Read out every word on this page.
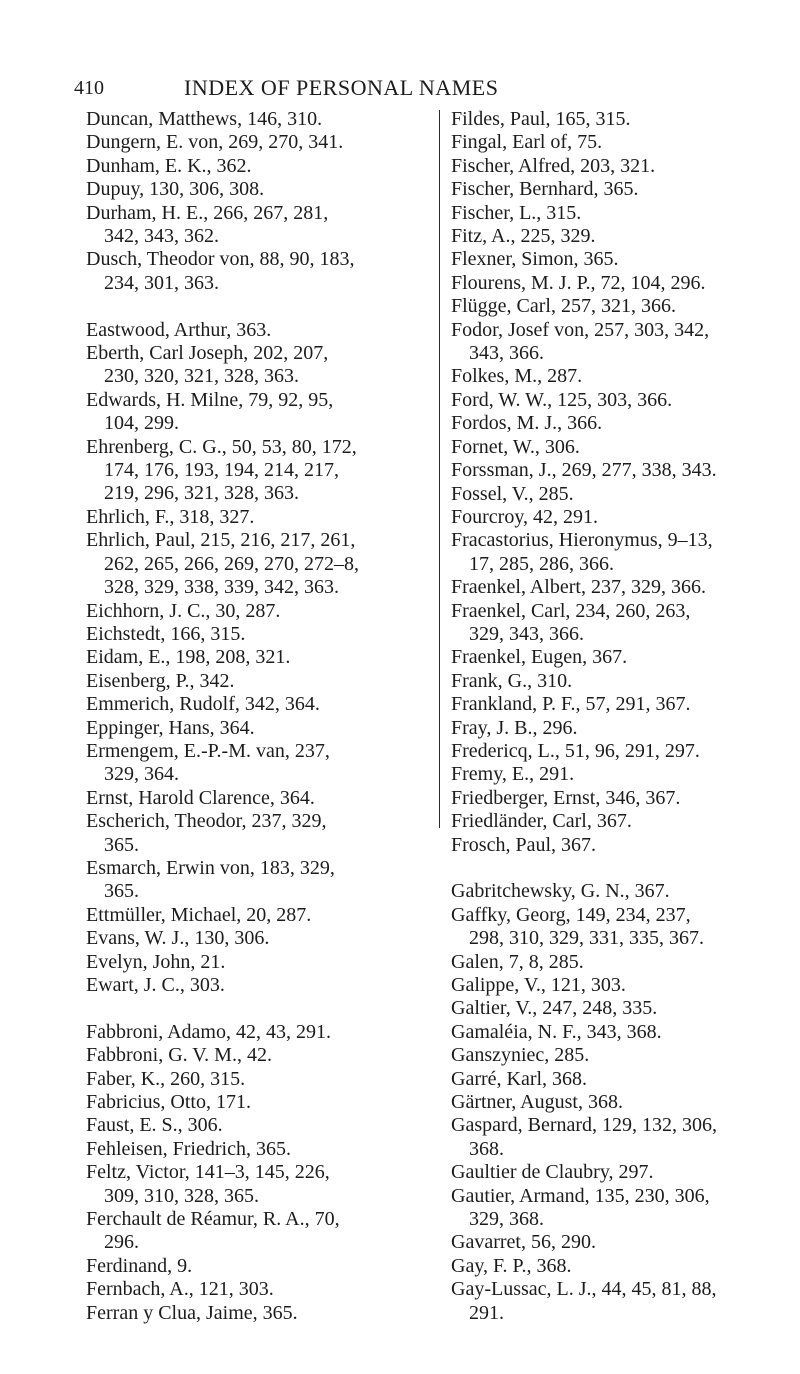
410	INDEX OF PERSONAL NAMES
Duncan, Matthews, 146, 310.
Dungern, E. von, 269, 270, 341.
Dunham, E. K., 362.
Dupuy, 130, 306, 308.
Durham, H. E., 266, 267, 281,
342, 343, 362.
Dusch, Theodor von, 88, 90, 183,
234, 301, 363.
Eastwood, Arthur, 363.
Eberth, Carl Joseph, 202, 207,
230, 320, 321, 328, 363.
Edwards, H. Milne, 79, 92, 95,
104, 299.
Ehrenberg, C. G., 50, 53, 80, 172,
174, 176, 193, 194, 214, 217,
219, 296, 321, 328, 363.
Ehrlich, F., 318, 327.
Ehrlich, Paul, 215, 216, 217, 261,
262, 265, 266, 269, 270, 272–8,
328, 329, 338, 339, 342, 363.
Eichhorn, J. C., 30, 287.
Eichstedt, 166, 315.
Eidam, E., 198, 208, 321.
Eisenberg, P., 342.
Emmerich, Rudolf, 342, 364.
Eppinger, Hans, 364.
Ermengem, E.-P.-M. van, 237,
329, 364.
Ernst, Harold Clarence, 364.
Escherich, Theodor, 237, 329,
365.
Esmarch, Erwin von, 183, 329,
365.
Ettmüller, Michael, 20, 287.
Evans, W. J., 130, 306.
Evelyn, John, 21.
Ewart, J. C., 303.
Fabbroni, Adamo, 42, 43, 291.
Fabbroni, G. V. M., 42.
Faber, K., 260, 315.
Fabricius, Otto, 171.
Faust, E. S., 306.
Fehleisen, Friedrich, 365.
Feltz, Victor, 141–3, 145, 226,
309, 310, 328, 365.
Ferchault de Réamur, R. A., 70,
296.
Ferdinand, 9.
Fernbach, A., 121, 303.
Ferran y Clua, Jaime, 365.
Fildes, Paul, 165, 315.
Fingal, Earl of, 75.
Fischer, Alfred, 203, 321.
Fischer, Bernhard, 365.
Fischer, L., 315.
Fitz, A., 225, 329.
Flexner, Simon, 365.
Flourens, M. J. P., 72, 104, 296.
Flügge, Carl, 257, 321, 366.
Fodor, Josef von, 257, 303, 342,
343, 366.
Folkes, M., 287.
Ford, W. W., 125, 303, 366.
Fordos, M. J., 366.
Fornet, W., 306.
Forssman, J., 269, 277, 338, 343.
Fossel, V., 285.
Fourcroy, 42, 291.
Fracastorius, Hieronymus, 9–13,
17, 285, 286, 366.
Fraenkel, Albert, 237, 329, 366.
Fraenkel, Carl, 234, 260, 263,
329, 343, 366.
Fraenkel, Eugen, 367.
Frank, G., 310.
Frankland, P. F., 57, 291, 367.
Fray, J. B., 296.
Fredericq, L., 51, 96, 291, 297.
Fremy, E., 291.
Friedberger, Ernst, 346, 367.
Friedländer, Carl, 367.
Frosch, Paul, 367.
Gabritchewsky, G. N., 367.
Gaffky, Georg, 149, 234, 237,
298, 310, 329, 331, 335, 367.
Galen, 7, 8, 285.
Galippe, V., 121, 303.
Galtier, V., 247, 248, 335.
Gamaléia, N. F., 343, 368.
Ganszyniec, 285.
Garré, Karl, 368.
Gärtner, August, 368.
Gaspard, Bernard, 129, 132, 306,
368.
Gaultier de Claubry, 297.
Gautier, Armand, 135, 230, 306,
329, 368.
Gavarret, 56, 290.
Gay, F. P., 368.
Gay-Lussac, L. J., 44, 45, 81, 88,
291.
